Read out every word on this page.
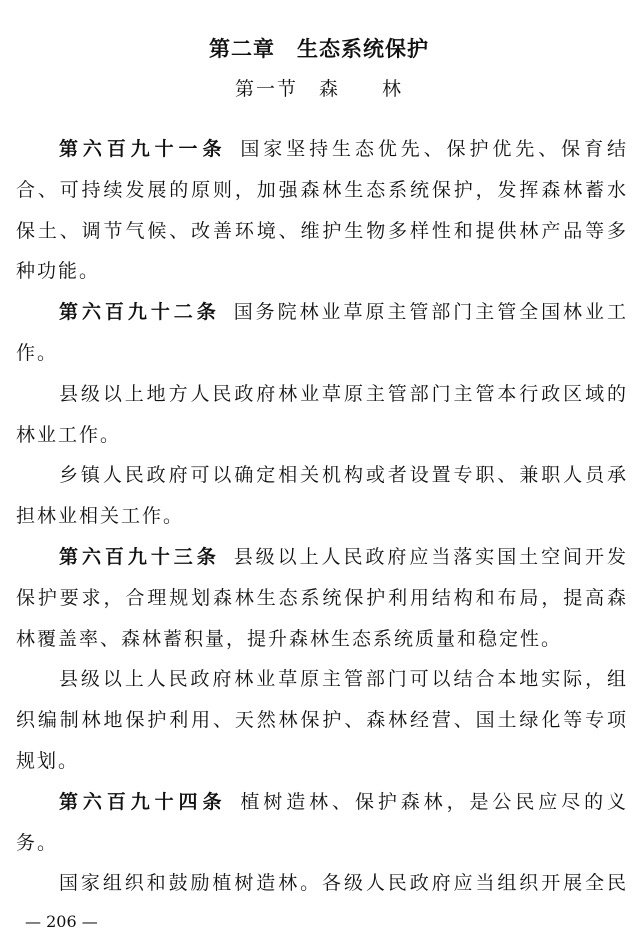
第二章　生态系统保护
第一节　森　　林
第六百九十一条 国家坚持生态优先、保护优先、保育结
合、可持续发展的原则，加强森林生态系统保护，发挥森林蓄水
保土、调节气候、改善环境、维护生物多样性和提供林产品等多
种功能。
第六百九十二条 国务院林业草原主管部门主管全国林业工
作。
县级以上地方人民政府林业草原主管部门主管本行政区域的
林业工作。
乡镇人民政府可以确定相关机构或者设置专职、兼职人员承
担林业相关工作。
第六百九十三条 县级以上人民政府应当落实国土空间开发
保护要求，合理规划森林生态系统保护利用结构和布局，提高森
林覆盖率、森林蓄积量，提升森林生态系统质量和稳定性。
县级以上人民政府林业草原主管部门可以结合本地实际，组
织编制林地保护利用、天然林保护、森林经营、国土绿化等专项
规划。
第六百九十四条 植树造林、保护森林，是公民应尽的义
务。
国家组织和鼓励植树造林。各级人民政府应当组织开展全民
— 206 —
